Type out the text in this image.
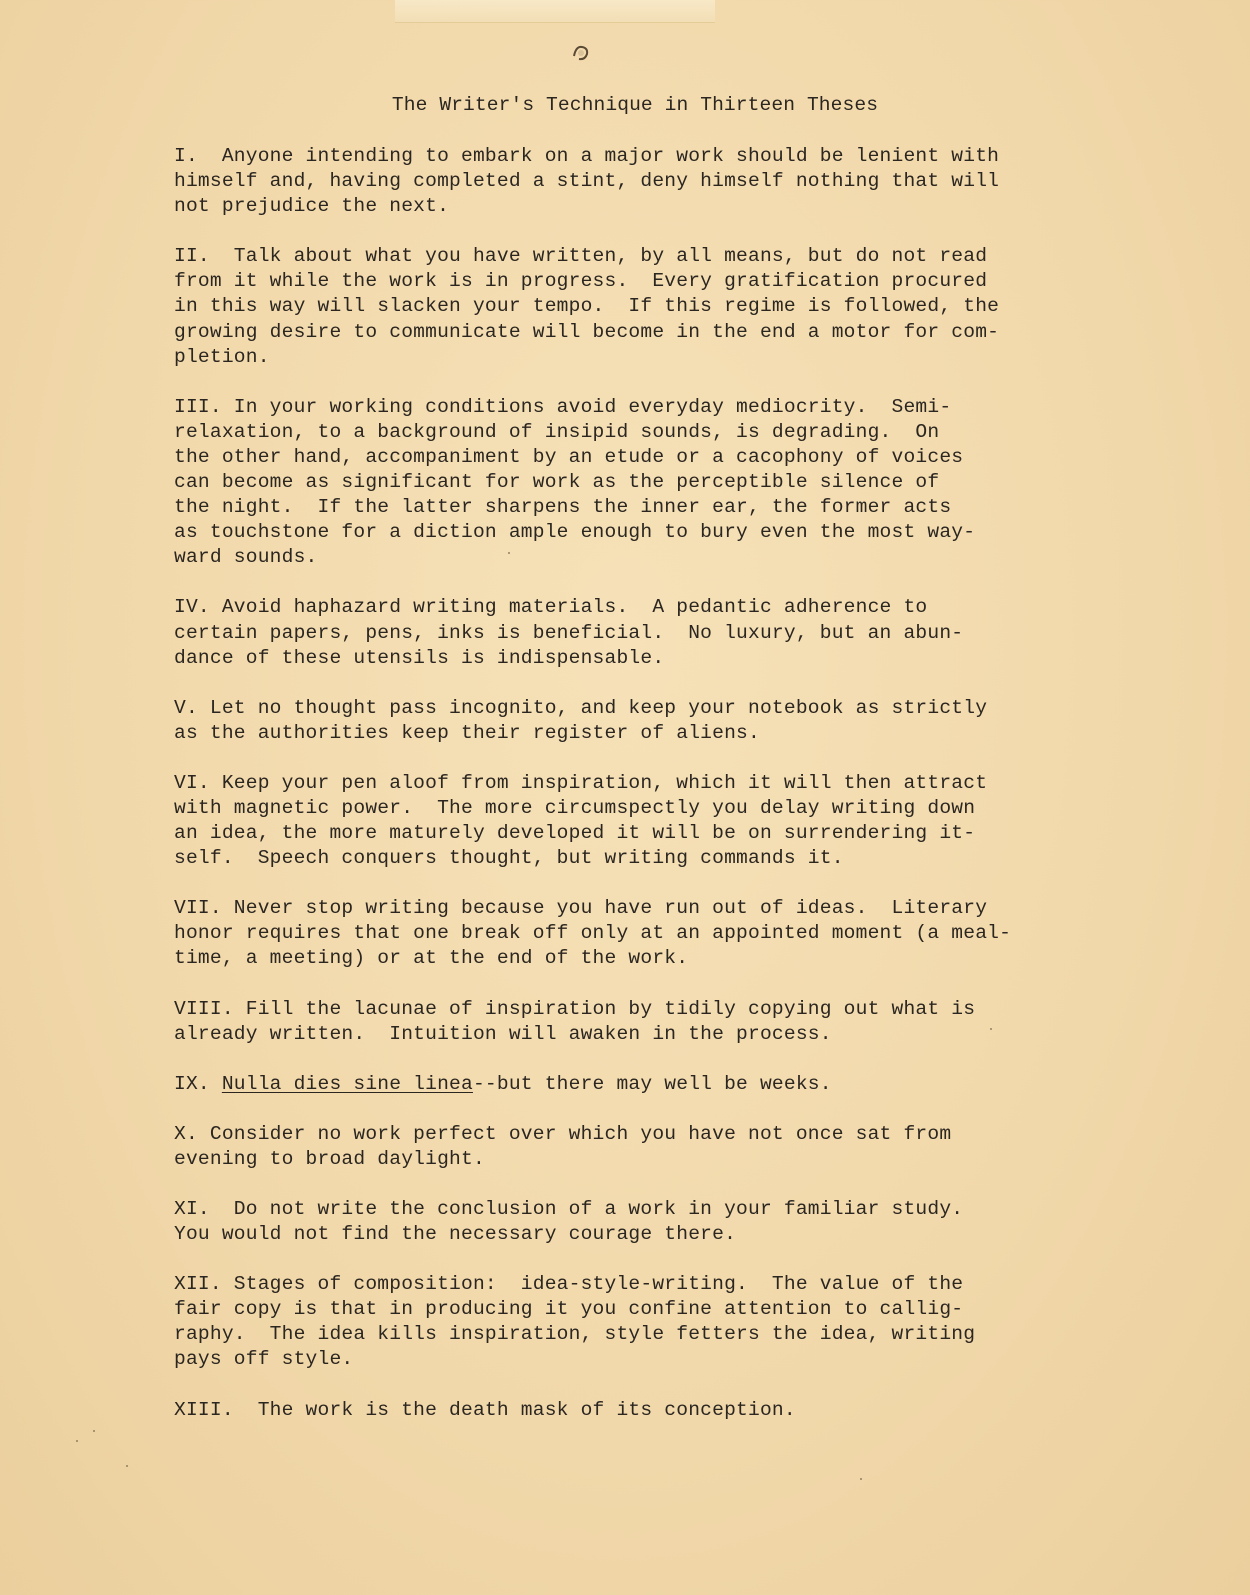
The Writer's Technique in Thirteen Theses
I.  Anyone intending to embark on a major work should be lenient with
himself and, having completed a stint, deny himself nothing that will
not prejudice the next.
II.  Talk about what you have written, by all means, but do not read
from it while the work is in progress.  Every gratification procured
in this way will slacken your tempo.  If this regime is followed, the
growing desire to communicate will become in the end a motor for com-
pletion.
III. In your working conditions avoid everyday mediocrity.  Semi-
relaxation, to a background of insipid sounds, is degrading.  On
the other hand, accompaniment by an etude or a cacophony of voices
can become as significant for work as the perceptible silence of
the night.  If the latter sharpens the inner ear, the former acts
as touchstone for a diction ample enough to bury even the most way-
ward sounds.
IV. Avoid haphazard writing materials.  A pedantic adherence to
certain papers, pens, inks is beneficial.  No luxury, but an abun-
dance of these utensils is indispensable.
V. Let no thought pass incognito, and keep your notebook as strictly
as the authorities keep their register of aliens.
VI. Keep your pen aloof from inspiration, which it will then attract
with magnetic power.  The more circumspectly you delay writing down
an idea, the more maturely developed it will be on surrendering it-
self.  Speech conquers thought, but writing commands it.
VII. Never stop writing because you have run out of ideas.  Literary
honor requires that one break off only at an appointed moment (a meal-
time, a meeting) or at the end of the work.
VIII. Fill the lacunae of inspiration by tidily copying out what is
already written.  Intuition will awaken in the process.
IX. Nulla dies sine linea--but there may well be weeks.
X. Consider no work perfect over which you have not once sat from
evening to broad daylight.
XI.  Do not write the conclusion of a work in your familiar study.
You would not find the necessary courage there.
XII. Stages of composition:  idea-style-writing.  The value of the
fair copy is that in producing it you confine attention to callig-
raphy.  The idea kills inspiration, style fetters the idea, writing
pays off style.
XIII.  The work is the death mask of its conception.
